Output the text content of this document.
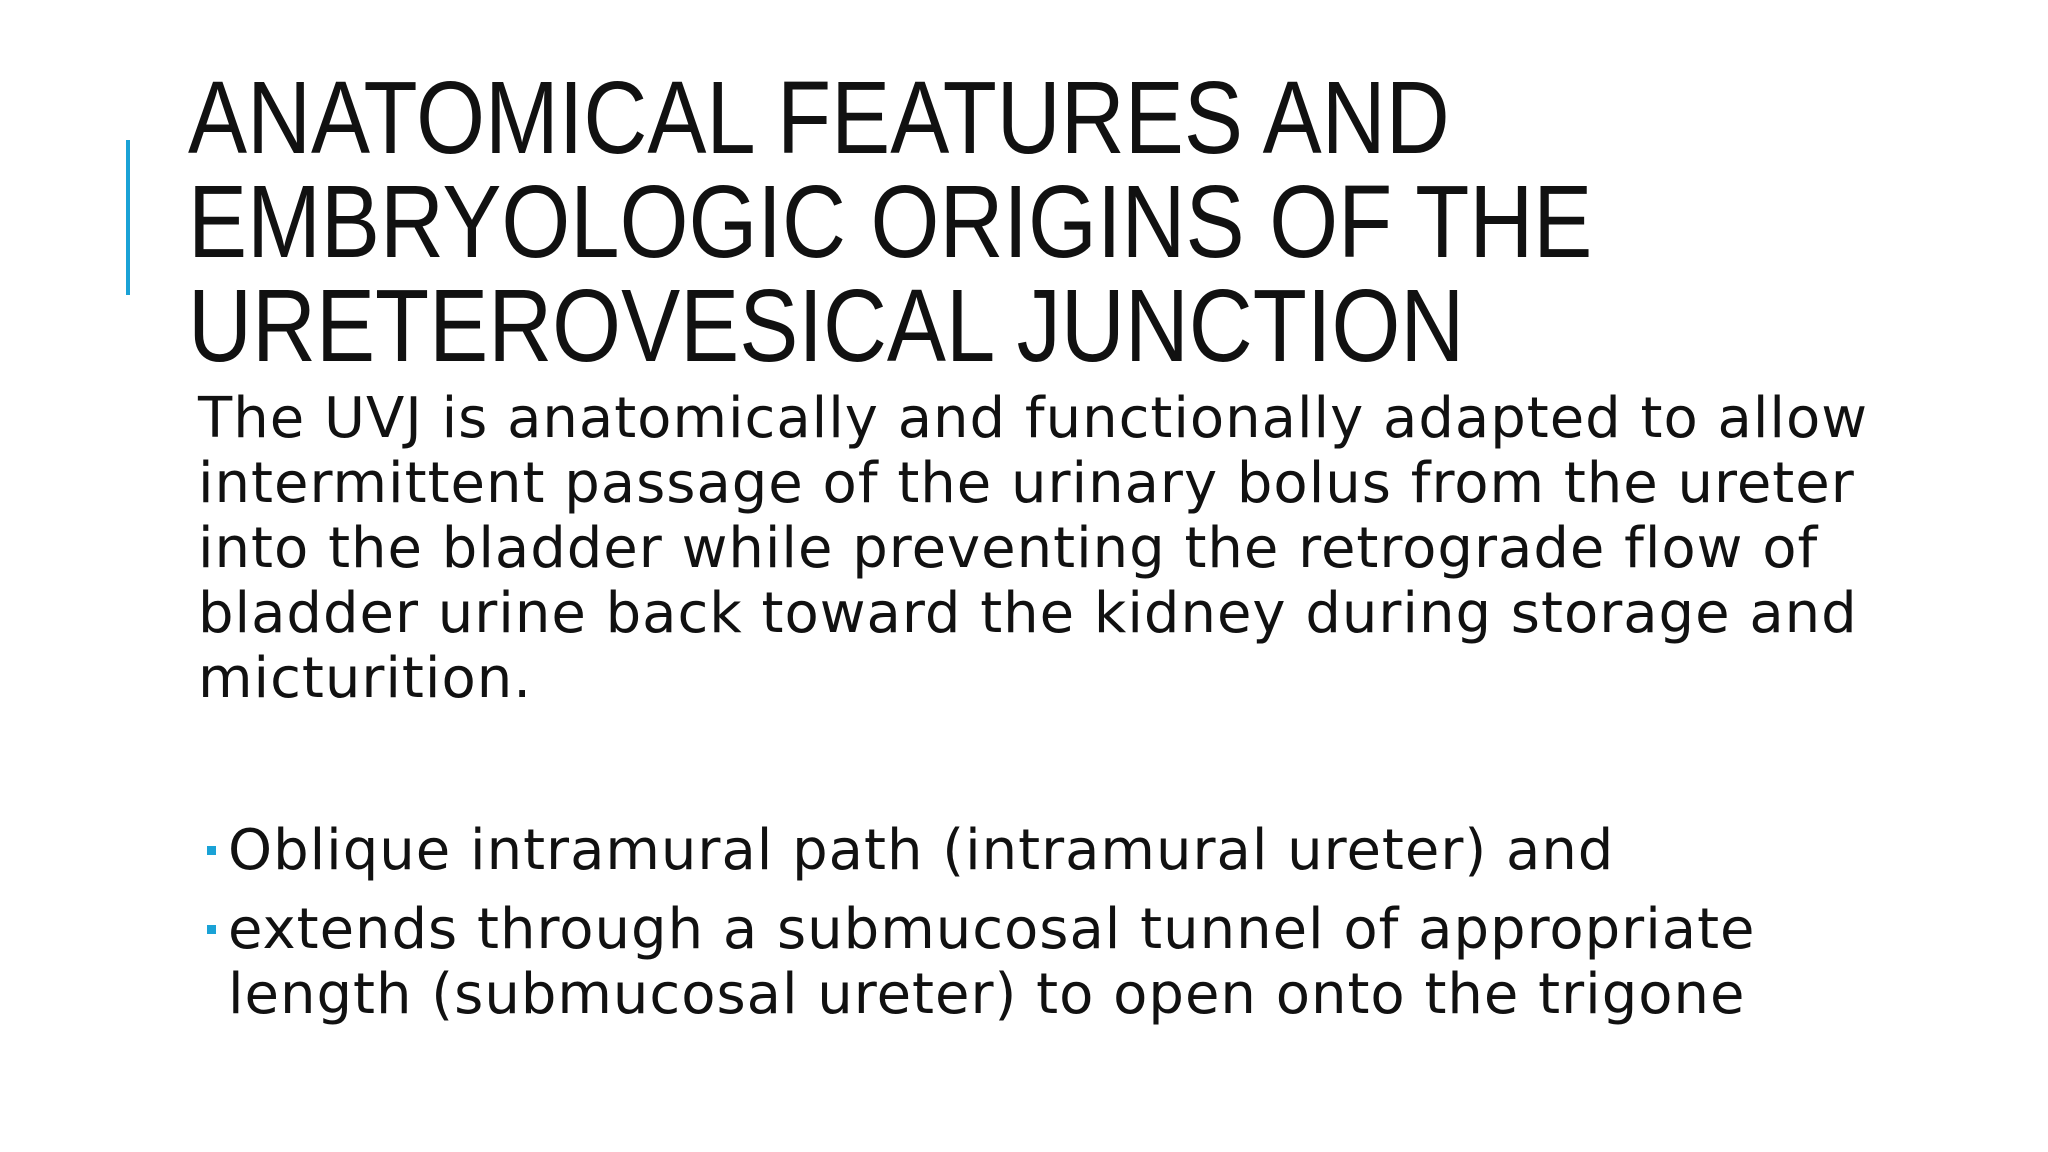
ANATOMICAL FEATURES AND
EMBRYOLOGIC ORIGINS OF THE
URETEROVESICAL JUNCTION

The UVJ is anatomically and functionally adapted to allow intermittent passage of the urinary bolus from the ureter into the bladder while preventing the retrograde flow of bladder urine back toward the kidney during storage and micturition.

Oblique intramural path (intramural ureter) and
extends through a submucosal tunnel of appropriate length (submucosal ureter) to open onto the trigone
